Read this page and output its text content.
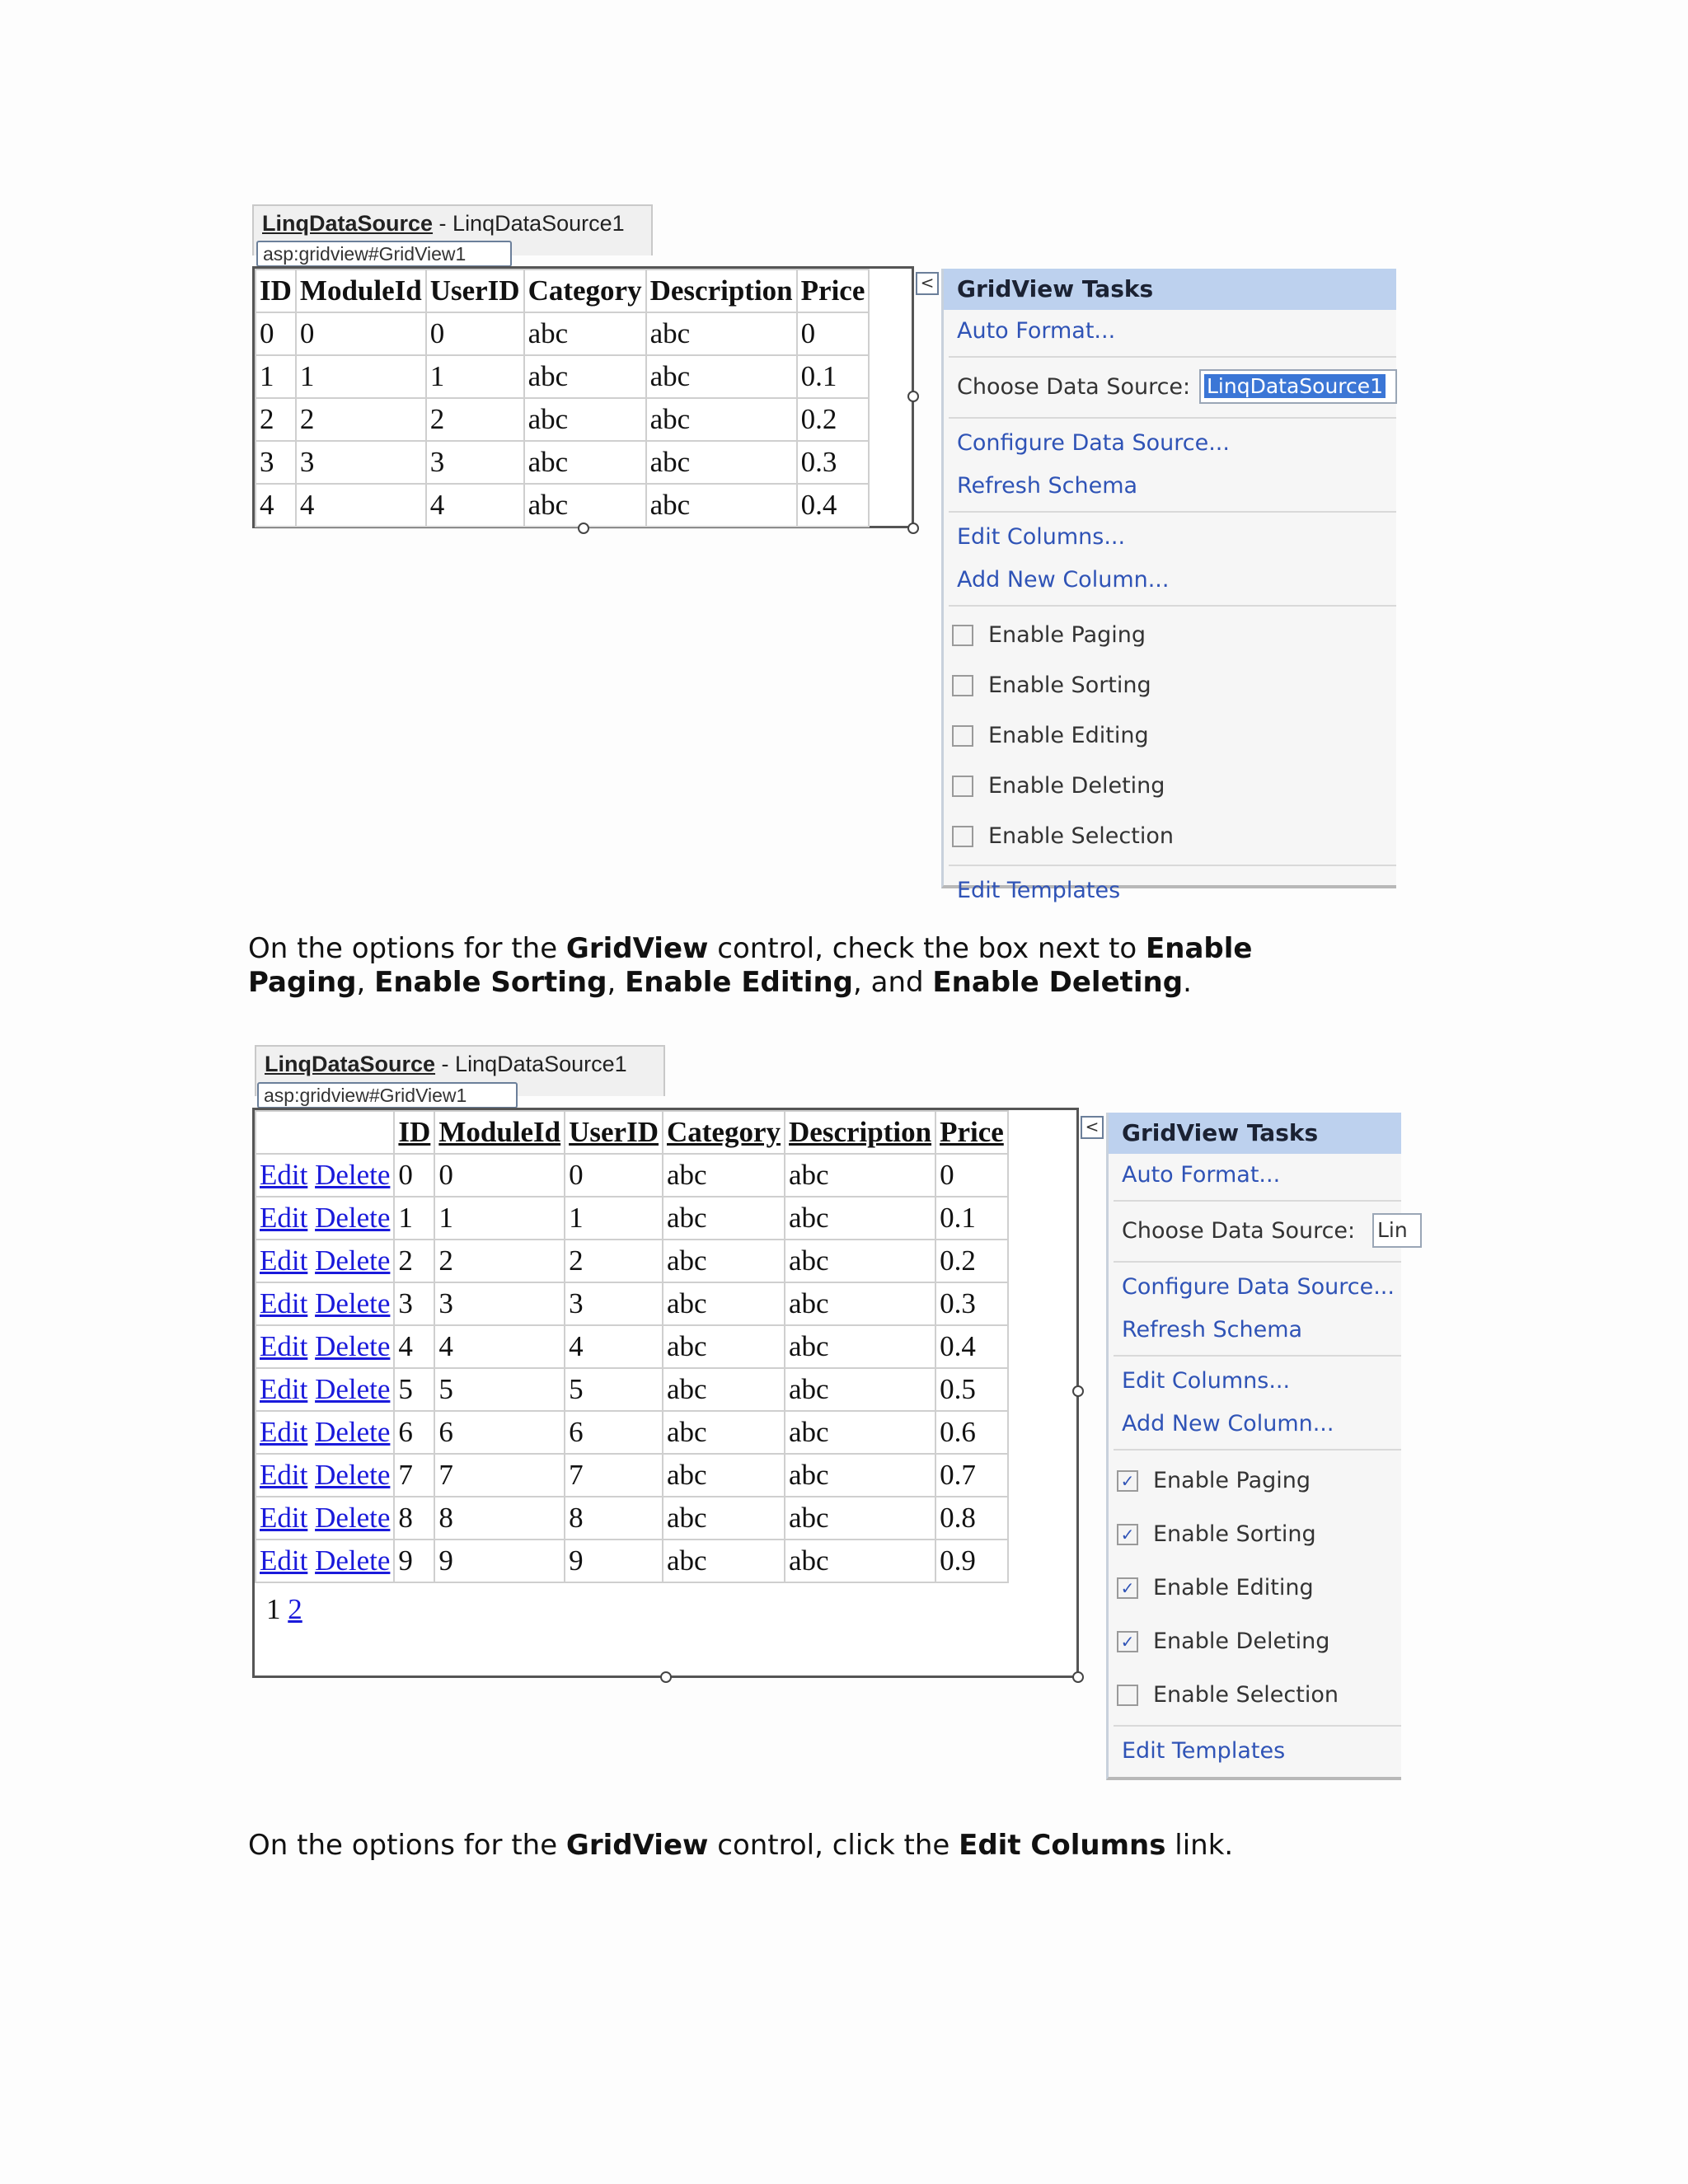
LinqDataSource - LinqDataSource1
asp:gridview#GridView1
ID	ModuleId	UserID	Category	Description	Price
0	0	0	abc	abc	0
1	1	1	abc	abc	0.1
2	2	2	abc	abc	0.2
3	3	3	abc	abc	0.3
4	4	4	abc	abc	0.4
< GridView Tasks
Auto Format...
Choose Data Source: LinqDataSource1
Configure Data Source...
Refresh Schema
Edit Columns...
Add New Column...
Enable Paging
Enable Sorting
Enable Editing
Enable Deleting
Enable Selection
Edit Templates
On the options for the GridView control, check the box next to Enable Paging, Enable Sorting, Enable Editing, and Enable Deleting.
LinqDataSource - LinqDataSource1
asp:gridview#GridView1
	ID	ModuleId	UserID	Category	Description	Price
Edit Delete	0	0	0	abc	abc	0
Edit Delete	1	1	1	abc	abc	0.1
Edit Delete	2	2	2	abc	abc	0.2
Edit Delete	3	3	3	abc	abc	0.3
Edit Delete	4	4	4	abc	abc	0.4
Edit Delete	5	5	5	abc	abc	0.5
Edit Delete	6	6	6	abc	abc	0.6
Edit Delete	7	7	7	abc	abc	0.7
Edit Delete	8	8	8	abc	abc	0.8
Edit Delete	9	9	9	abc	abc	0.9
1 2
< GridView Tasks
Auto Format...
Choose Data Source: Lin
Configure Data Source...
Refresh Schema
Edit Columns...
Add New Column...
✓ Enable Paging
✓ Enable Sorting
✓ Enable Editing
✓ Enable Deleting
Enable Selection
Edit Templates
On the options for the GridView control, click the Edit Columns link.
